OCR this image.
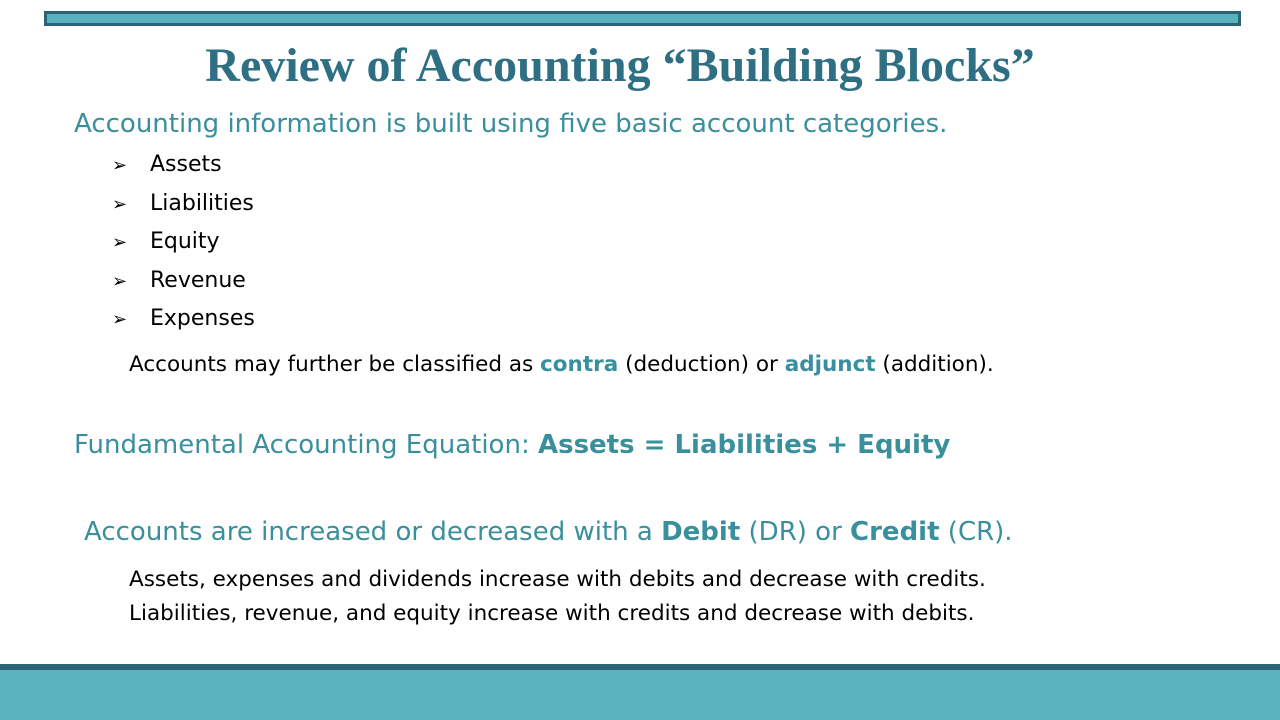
Review of Accounting “Building Blocks”
Accounting information is built using five basic account categories.
➢ Assets
➢ Liabilities
➢ Equity
➢ Revenue
➢ Expenses
Accounts may further be classified as contra (deduction) or adjunct (addition).
Fundamental Accounting Equation: Assets = Liabilities + Equity
Accounts are increased or decreased with a Debit (DR) or Credit (CR).
Assets, expenses and dividends increase with debits and decrease with credits.
Liabilities, revenue, and equity increase with credits and decrease with debits.
